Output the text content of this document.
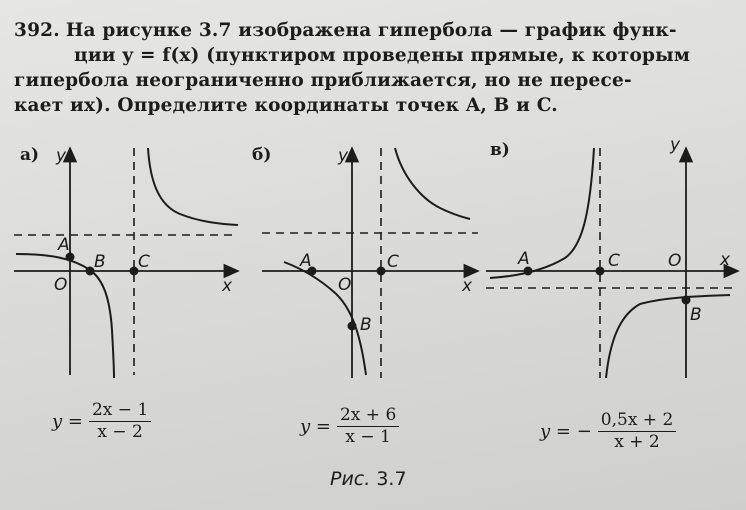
392. На рисунке 3.7 изображена гипербола — график функ-
ции y = f(x) (пунктиром проведены прямые, к которым
гипербола неограниченно приближается, но не пересе-
кает их). Определите координаты точек A, B и C.
а) y
x
O
A
B C
б)	y
x
O
A
B
C
в)	y
x
O
A
B
C
$y = \frac{2x - 1}{x - 2}$	$y = \frac{2x + 6}{x - 1}$	y = − $\frac{0,5x + 2}{x + 2}$
Рис. 3.7
